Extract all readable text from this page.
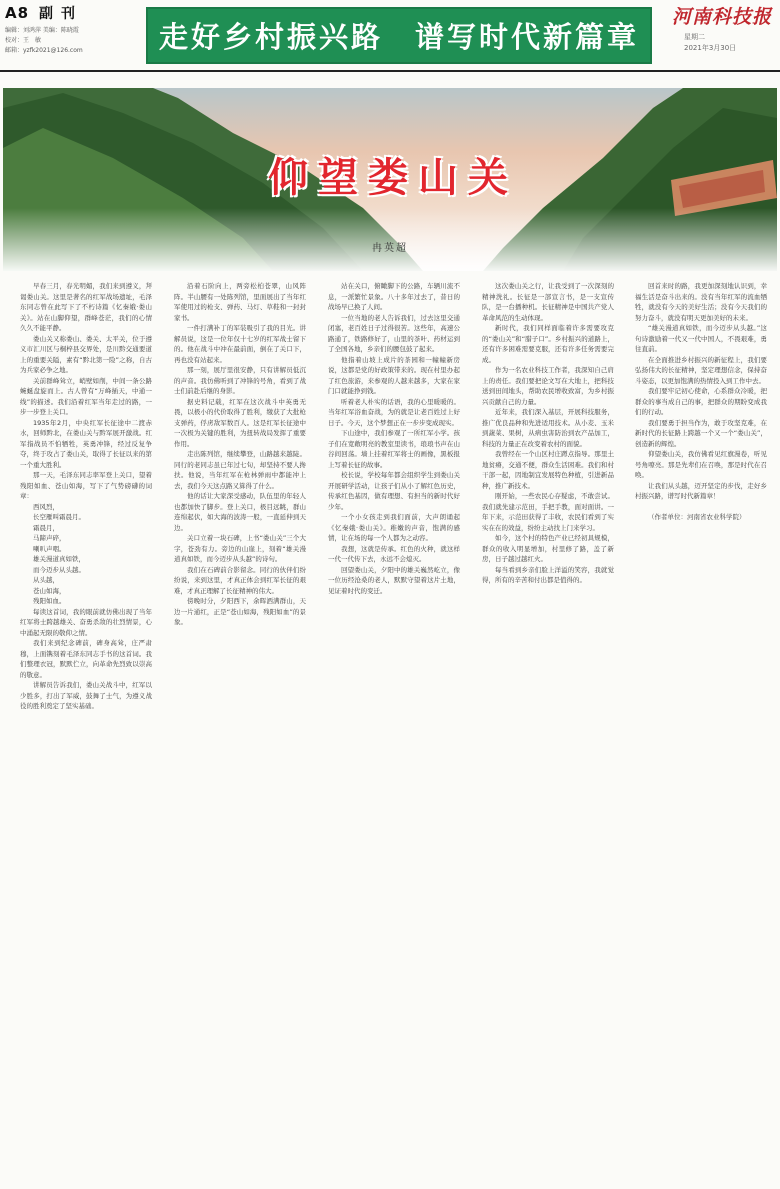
A8 副刊
编辑：刘鸿萍 美编：陈晓霞
校对：王　敏
邮箱：yzfk2021@126.com	走好乡村振兴路　谱写时代新篇章
河南科技报
星期二
2021年3月30日
仰望娄山关
冉英超

早春三月，春光明媚，我们来到遵义，拜谒娄山关。这里是著名的红军战场遗址，毛泽东同志曾在此写下了不朽诗篇《忆秦娥·娄山关》。站在山脚仰望，群峰苍茫，我们的心情久久不能平静。

娄山关又称娄山、娄关、太平关，位于遵义市汇川区与桐梓县交界处，是川黔交通要道上的重要关隘，素有“黔北第一险”之称，自古为兵家必争之地。

关前群峰耸立，峭壁如削，中间一条公路蜿蜒盘旋而上。古人曾有“万峰插天，中通一线”的描述。我们沿着红军当年走过的路，一步一步登上关口。

1935年2月，中央红军长征途中二渡赤水，回师黔北，在娄山关与黔军展开激战。红军指战员不怕牺牲，英勇冲锋，经过反复争夺，终于攻占了娄山关，取得了长征以来的第一个重大胜利。

那一天，毛泽东同志率军登上关口，望着残阳如血、苍山如海，写下了气势磅礴的词章：

西风烈，

长空雁叫霜晨月。

霜晨月，

马蹄声碎，

喇叭声咽。

雄关漫道真如铁，

而今迈步从头越。

从头越，

苍山如海，

残阳如血。

每读这首词，我的眼前就仿佛出现了当年红军将士跨越雄关、奋勇杀敌的壮烈情景，心中涌起无限的敬仰之情。

我们来到纪念碑前，碑身高耸，庄严肃穆，上面镌刻着毛泽东同志手书的这首词。我们整理衣冠，默默伫立，向革命先烈致以崇高的敬意。

讲解员告诉我们，娄山关战斗中，红军以少胜多，打出了军威，鼓舞了士气，为遵义战役的胜利奠定了坚实基础。

沿着石阶向上，两旁松柏苍翠，山风阵阵。半山腰有一处陈列馆，里面展出了当年红军使用过的枪支、弹药、马灯、草鞋和一封封家书。

一件打满补丁的军装吸引了我的目光。讲解员说，这是一位年仅十七岁的红军战士留下的。他在战斗中冲在最前面，倒在了关口下，再也没有站起来。

那一刻，展厅里很安静，只有讲解员低沉的声音。我仿佛听到了冲锋的号角，看到了战士们前赴后继的身影。

据史料记载，红军在这次战斗中英勇无畏，以极小的代价取得了胜利，缴获了大批枪支弹药，俘虏敌军数百人。这是红军长征途中一次极为关键的胜利，为扭转战局发挥了重要作用。

走出陈列馆，继续攀登，山路越来越陡。同行的老同志虽已年过七旬，却坚持不要人搀扶。他说，当年红军在枪林弹雨中都能冲上去，我们今天这点路又算得了什么。

他的话让大家深受感动，队伍里的年轻人也都加快了脚步。登上关口，极目远眺，群山连绵起伏，如大海的波涛一般，一直延伸到天边。

关口立着一块石碑，上书“娄山关”三个大字，苍劲有力。旁边的山崖上，刻着“雄关漫道真如铁，而今迈步从头越”的诗句。

我们在石碑前合影留念。同行的伙伴们纷纷说，来到这里，才真正体会到红军长征的艰难，才真正理解了长征精神的伟大。

傍晚时分，夕阳西下，余晖洒满群山，天边一片通红，正是“苍山如海，残阳如血”的景象。

站在关口，俯瞰脚下的公路，车辆川流不息，一派繁忙景象。八十多年过去了，昔日的战场早已换了人间。

一位当地的老人告诉我们，过去这里交通闭塞，老百姓日子过得很苦。这些年，高速公路通了，铁路修好了，山里的茶叶、药材运到了全国各地，乡亲们的腰包鼓了起来。

他指着山坡上成片的茶园和一幢幢新房说，这都是党的好政策带来的。现在村里办起了红色旅游，来参观的人越来越多，大家在家门口就能挣到钱。

听着老人朴实的话语，我的心里暖暖的。当年红军浴血奋战，为的就是让老百姓过上好日子。今天，这个梦想正在一步步变成现实。

下山途中，我们参观了一所红军小学。孩子们在宽敞明亮的教室里读书，琅琅书声在山谷间回荡。墙上挂着红军将士的画像，黑板报上写着长征的故事。

校长说，学校每年都会组织学生到娄山关开展研学活动，让孩子们从小了解红色历史，传承红色基因，做有理想、有担当的新时代好少年。

一个小女孩走到我们面前，大声朗诵起《忆秦娥·娄山关》。稚嫩的声音，饱满的感情，让在场的每一个人都为之动容。

我想，这就是传承。红色的火种，就这样一代一代传下去，永远不会熄灭。

回望娄山关，夕阳中的雄关巍然屹立，像一位历经沧桑的老人，默默守望着这片土地，见证着时代的变迁。

这次娄山关之行，让我受到了一次深刻的精神洗礼。长征是一部宣言书，是一支宣传队，是一台播种机。长征精神是中国共产党人革命风范的生动体现。

新时代，我们同样面临着许多需要攻克的“娄山关”和“腊子口”。乡村振兴的道路上，还有许多困难需要克服，还有许多任务需要完成。

作为一名农业科技工作者，我深知自己肩上的责任。我们要把论文写在大地上，把科技送到田间地头，帮助农民增收致富，为乡村振兴贡献自己的力量。

近年来，我们深入基层，开展科技服务，推广优良品种和先进适用技术。从小麦、玉米到蔬菜、果树，从病虫害防治到农产品加工，科技的力量正在改变着农村的面貌。

我曾经在一个山区村庄蹲点指导。那里土地贫瘠，交通不便，群众生活困难。我们和村干部一起，因地制宜发展特色种植，引进新品种，推广新技术。

刚开始，一些农民心存疑虑，不敢尝试。我们就先建示范田，手把手教，面对面讲。一年下来，示范田获得了丰收，农民们看到了实实在在的效益，纷纷主动找上门来学习。

如今，这个村的特色产业已经初具规模，群众的收入明显增加，村里修了路，盖了新房，日子越过越红火。

每当看到乡亲们脸上洋溢的笑容，我就觉得，所有的辛苦和付出都是值得的。

回首来时的路，我更加深刻地认识到，幸福生活是奋斗出来的。没有当年红军的流血牺牲，就没有今天的美好生活；没有今天我们的努力奋斗，就没有明天更加美好的未来。

“雄关漫道真如铁，而今迈步从头越。”这句诗激励着一代又一代中国人，不畏艰难，勇往直前。

在全面推进乡村振兴的新征程上，我们要弘扬伟大的长征精神，坚定理想信念，保持奋斗姿态，以更加饱满的热情投入到工作中去。

我们要牢记初心使命，心系群众冷暖，把群众的事当成自己的事，把群众的期盼变成我们的行动。

我们要勇于担当作为，敢于攻坚克难，在新时代的长征路上跨越一个又一个“娄山关”，创造新的辉煌。

仰望娄山关，我仿佛看见红旗漫卷，听见号角嘹亮。那是先辈们在召唤，那是时代在召唤。

让我们从头越，迈开坚定的步伐，走好乡村振兴路，谱写时代新篇章！

（作者单位：河南省农业科学院）
